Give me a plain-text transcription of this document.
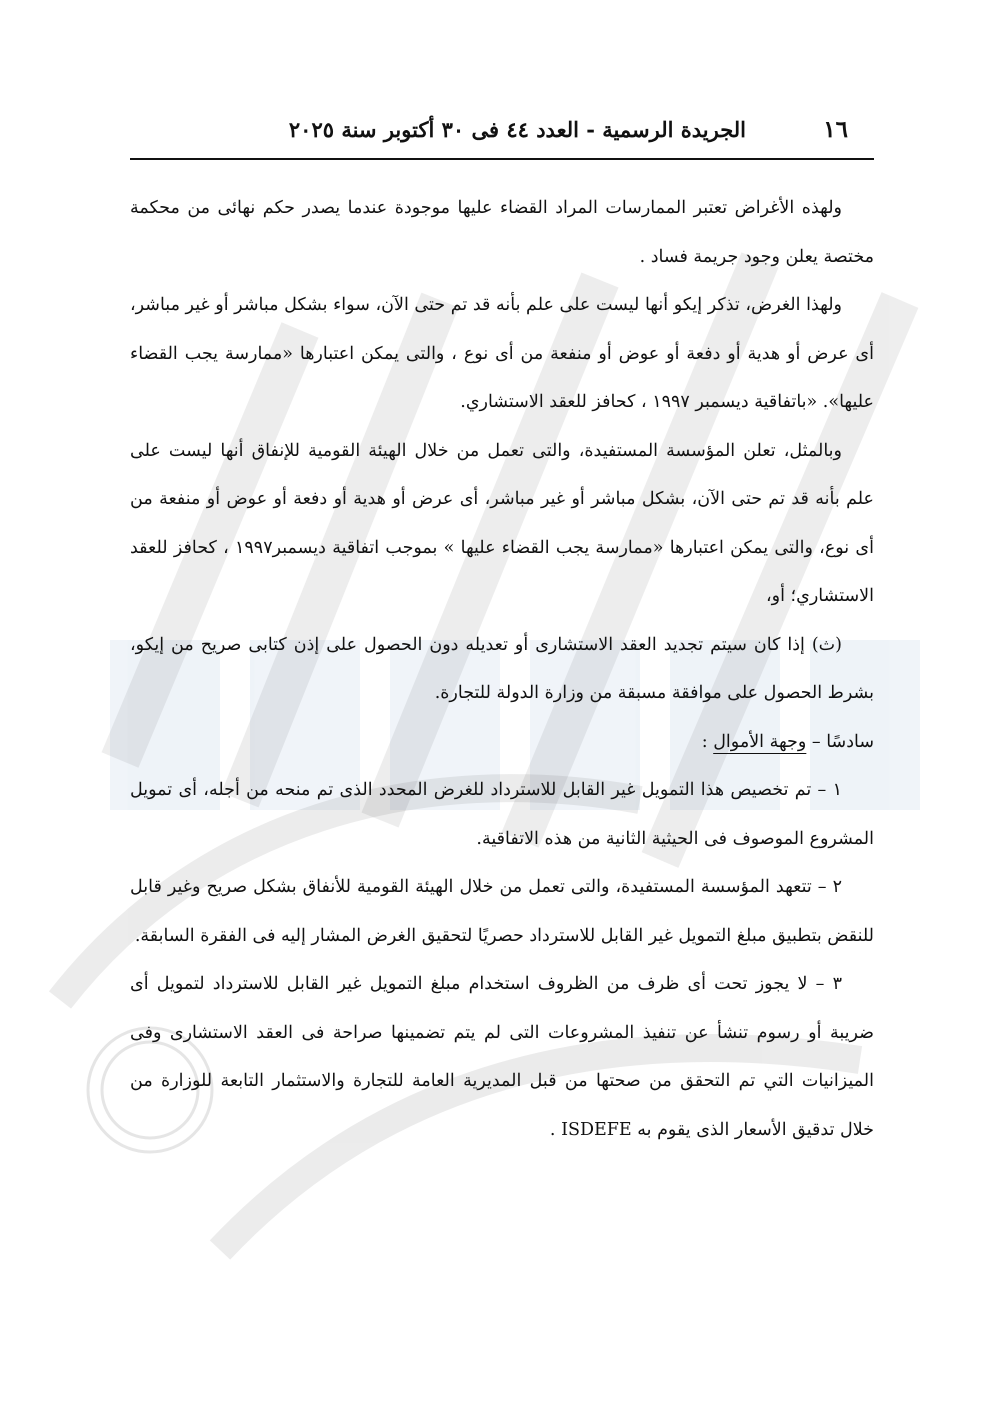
١٦
الجريدة الرسمية - العدد ٤٤ فى ٣٠ أكتوبر سنة ٢٠٢٥

ولهذه الأغراض تعتبر الممارسات المراد القضاء عليها موجودة عندما يصدر حكم نهائى من محكمة مختصة يعلن وجود جريمة فساد .

ولهذا الغرض، تذكر إيكو أنها ليست على علم بأنه قد تم حتى الآن، سواء بشكل مباشر أو غير مباشر، أى عرض أو هدية أو دفعة أو عوض أو منفعة من أى نوع ، والتى يمكن اعتبارها «ممارسة يجب القضاء عليها». «باتفاقية ديسمبر ١٩٩٧ ، كحافز للعقد الاستشاري.

وبالمثل، تعلن المؤسسة المستفيدة، والتى تعمل من خلال الهيئة القومية للإنفاق أنها ليست على علم بأنه قد تم حتى الآن، بشكل مباشر أو غير مباشر، أى عرض أو هدية أو دفعة أو عوض أو منفعة من أى نوع، والتى يمكن اعتبارها «ممارسة يجب القضاء عليها » بموجب اتفاقية ديسمبر١٩٩٧ ، كحافز للعقد الاستشاري؛ أو،

(ث) إذا كان سيتم تجديد العقد الاستشارى أو تعديله دون الحصول على إذن كتابى صريح من إيكو، بشرط الحصول على موافقة مسبقة من وزارة الدولة للتجارة.

سادسًا – وجهة الأموال :

١ – تم تخصيص هذا التمويل غير القابل للاسترداد للغرض المحدد الذى تم منحه من أجله، أى تمويل المشروع الموصوف فى الحيثية الثانية من هذه الاتفاقية.

٢ – تتعهد المؤسسة المستفيدة، والتى تعمل من خلال الهيئة القومية للأنفاق بشكل صريح وغير قابل للنقض بتطبيق مبلغ التمويل غير القابل للاسترداد حصريًا لتحقيق الغرض المشار إليه فى الفقرة السابقة.

٣ – لا يجوز تحت أى ظرف من الظروف استخدام مبلغ التمويل غير القابل للاسترداد لتمويل أى ضريبة أو رسوم تنشأ عن تنفيذ المشروعات التى لم يتم تضمينها صراحة فى العقد الاستشارى وفى الميزانيات التي تم التحقق من صحتها من قبل المديرية العامة للتجارة والاستثمار التابعة للوزارة من خلال تدقيق الأسعار الذى يقوم به ISDEFE .
